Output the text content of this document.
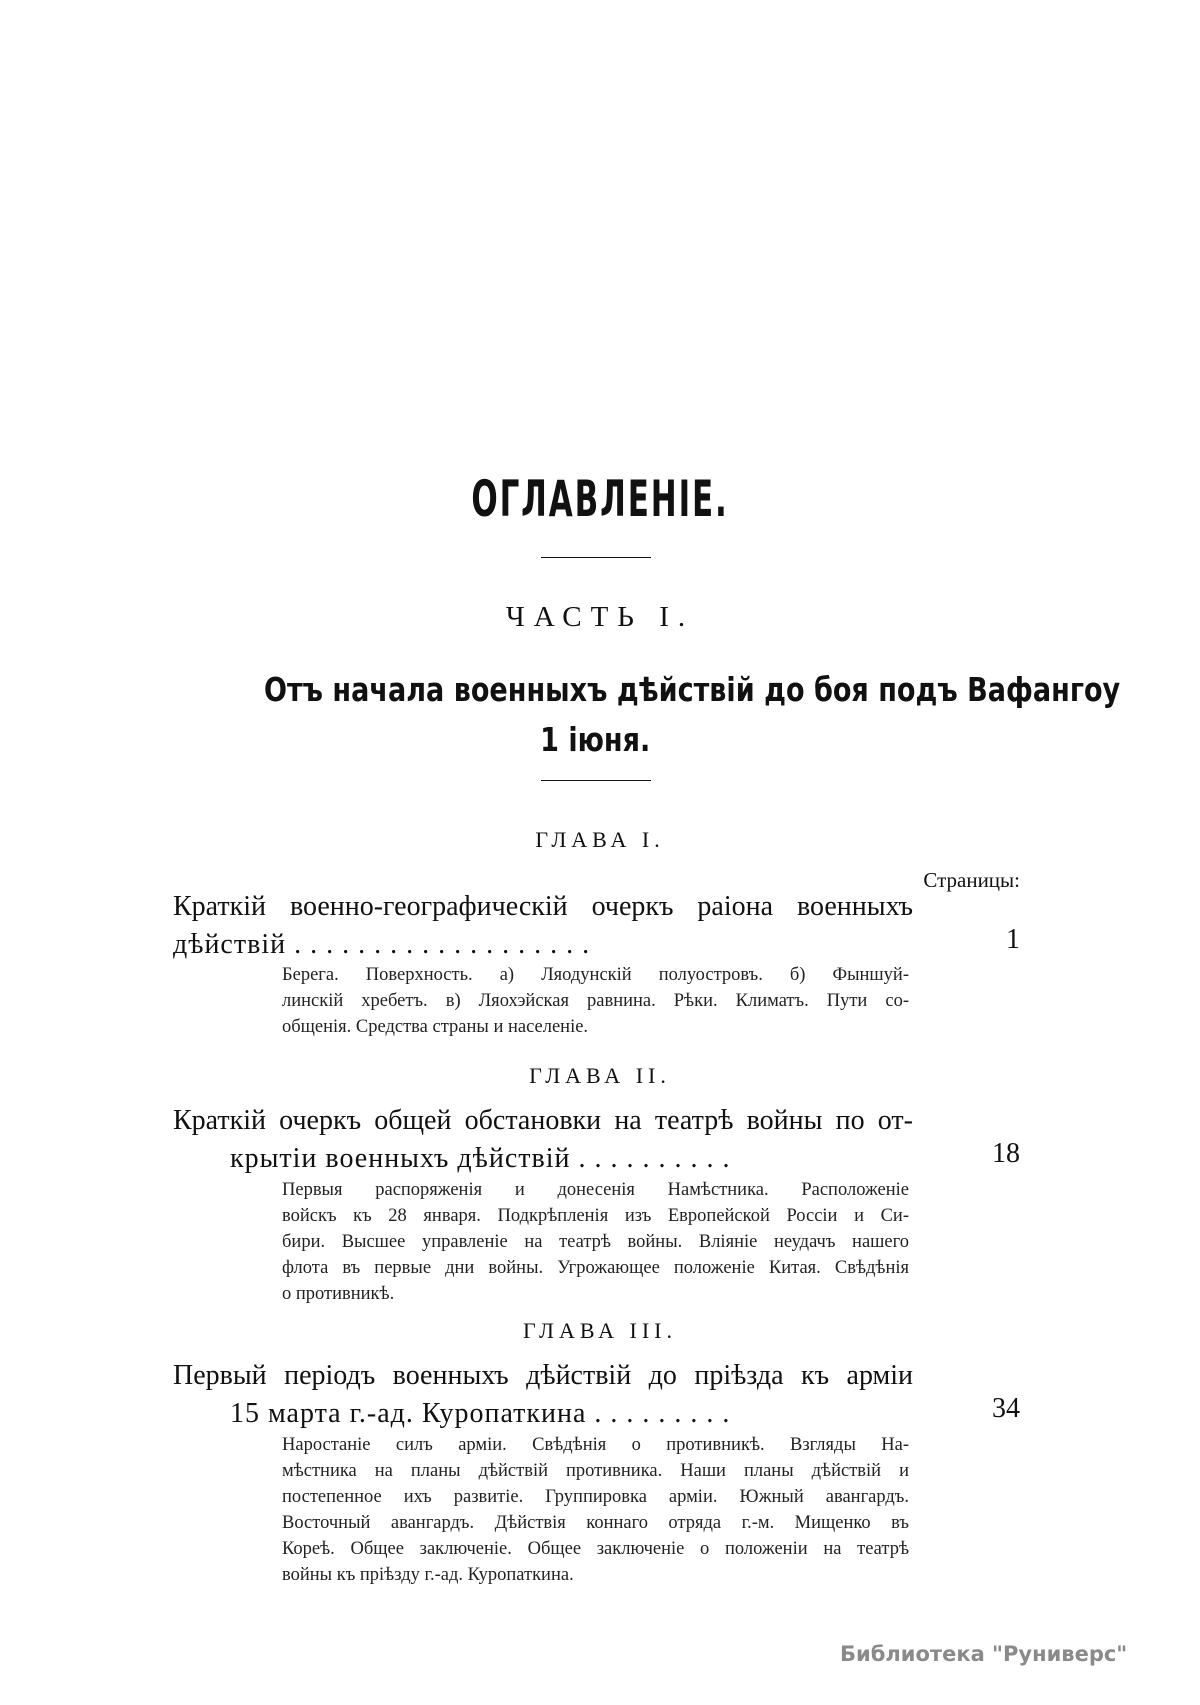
ОГЛАВЛЕНIЕ.
ЧАСТЬ I.
Отъ начала военныхъ дѣйствiй до боя подъ Вафангоу
1 iюня.
ГЛАВА I.
Страницы:
Краткiй военно-географическiй очеркъ раiона военныхъ
дѣйствiй . . . . . . . . . . . . . . . . . . .	1
Берега. Поверхность. а) Ляодунскiй полуостровъ. б) Фыншуй-
линскiй хребетъ. в) Ляохэйская равнина. Рѣки. Климатъ. Пути со-
общенiя. Средства страны и населенiе.
ГЛАВА II.
Краткiй очеркъ общей обстановки на театрѣ войны по от-
крытiи военныхъ дѣйствiй . . . . . . . . . .	18
Первыя распоряженiя и донесенiя Намѣстника. Расположенiе
войскъ къ 28 января. Подкрѣпленiя изъ Европейской Россiи и Си-
бири. Высшее управленiе на театрѣ войны. Влiянiе неудачъ нашего
флота въ первые дни войны. Угрожающее положенiе Китая. Свѣдѣнiя
о противникѣ.
ГЛАВА III.
Первый перiодъ военныхъ дѣйствiй до прiѣзда къ армiи
15 марта г.-ад. Куропаткина . . . . . . . . .	34
Наростанiе силъ армiи. Свѣдѣнiя о противникѣ. Взгляды На-
мѣстника на планы дѣйствiй противника. Наши планы дѣйствiй и
постепенное ихъ развитiе. Группировка армiи. Южный авангардъ.
Восточный авангардъ. Дѣйствiя коннаго отряда г.-м. Мищенко въ
Кореѣ. Общее заключенiе. Общее заключенiе о положенiи на театрѣ
войны къ прiѣзду г.-ад. Куропаткина.
Библиотека "Руниверс"
